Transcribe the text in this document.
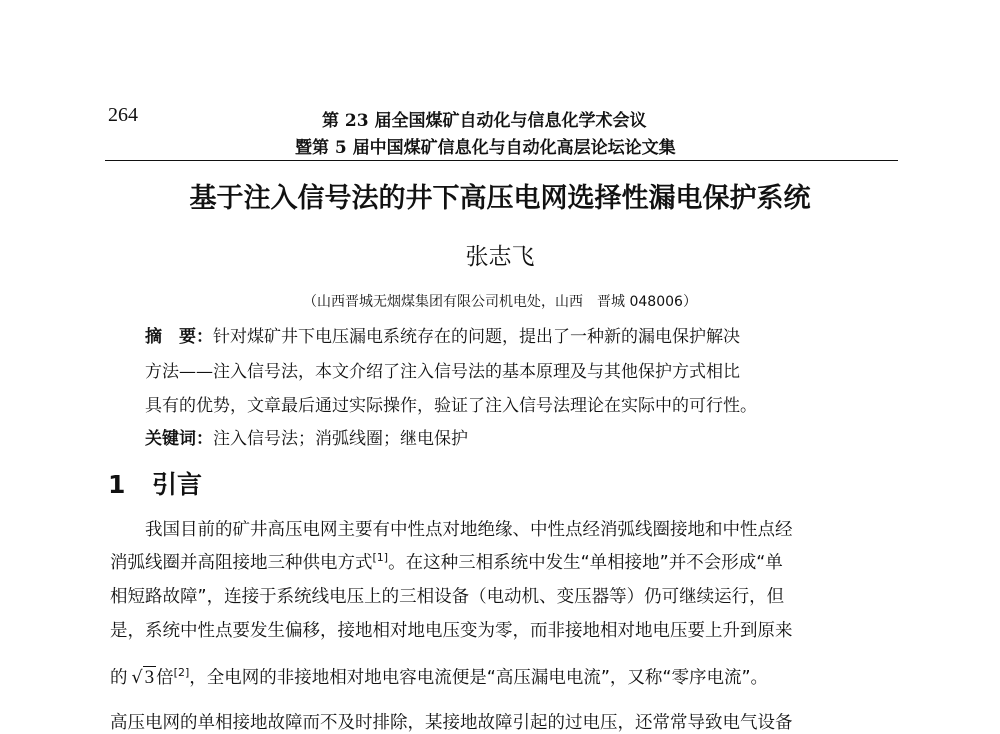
264	第 23 届全国煤矿自动化与信息化学术会议
暨第 5 届中国煤矿信息化与自动化高层论坛论文集
基于注入信号法的井下高压电网选择性漏电保护系统
张志飞
（山西晋城无烟煤集团有限公司机电处，山西　晋城 048006）
摘　要：针对煤矿井下电压漏电系统存在的问题，提出了一种新的漏电保护解决
方法——注入信号法，本文介绍了注入信号法的基本原理及与其他保护方式相比
具有的优势，文章最后通过实际操作，验证了注入信号法理论在实际中的可行性。
关键词：注入信号法；消弧线圈；继电保护
1 引言
我国目前的矿井高压电网主要有中性点对地绝缘、中性点经消弧线圈接地和中性点经
消弧线圈并高阻接地三种供电方式[1]。在这种三相系统中发生“单相接地”并不会形成“单
相短路故障”，连接于系统线电压上的三相设备（电动机、变压器等）仍可继续运行，但
是，系统中性点要发生偏移，接地相对地电压变为零，而非接地相对地电压要上升到原来
的 √ 3 倍[2]，全电网的非接地相对地电容电流便是“高压漏电电流”，又称“零序电流”。
高压电网的单相接地故障而不及时排除，某接地故障引起的过电压，还常常导致电气设备
